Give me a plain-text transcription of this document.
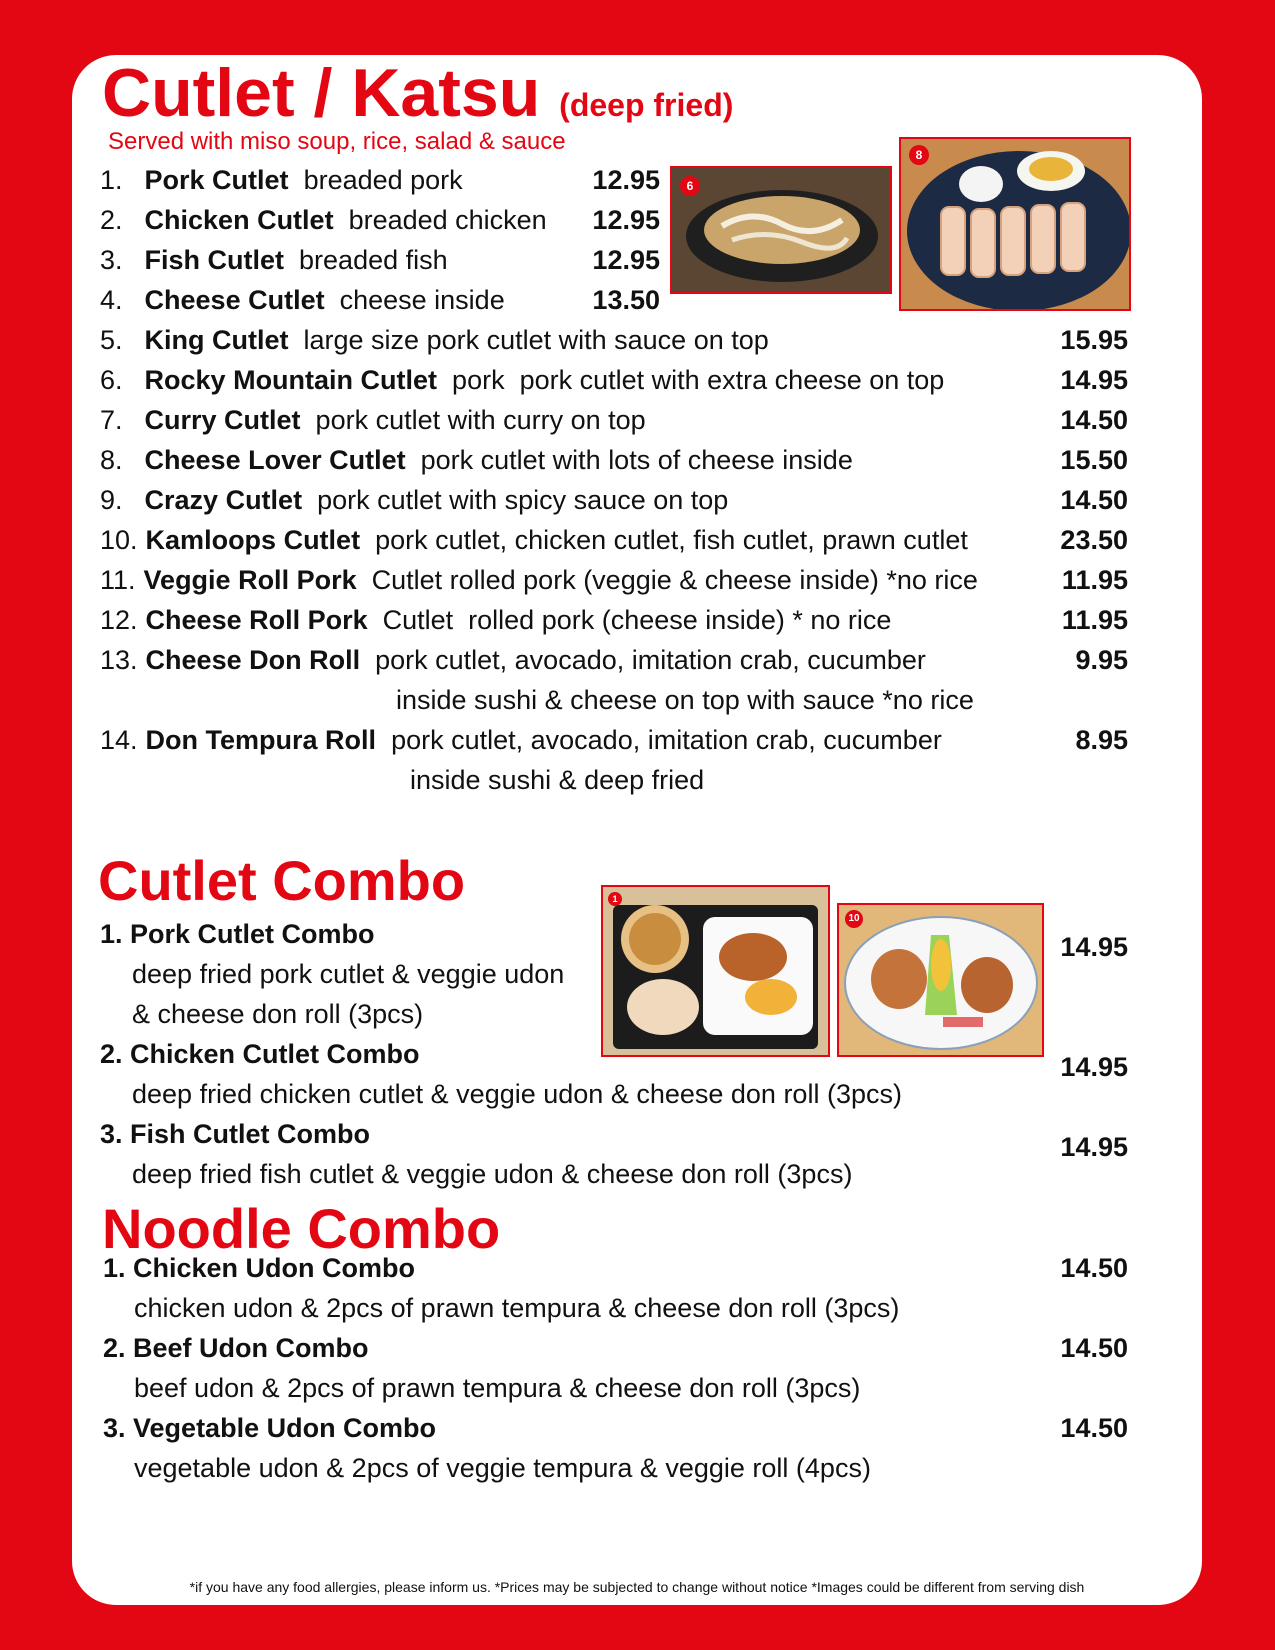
Cutlet / Katsu (deep fried)
Served with miso soup, rice, salad & sauce
1. Pork Cutlet  breaded pork	12.95
2. Chicken Cutlet  breaded chicken 12.95
3. Fish Cutlet  breaded fish	12.95
4. Cheese Cutlet  cheese inside	13.50
5. King Cutlet  large size pork cutlet with sauce on top	15.95
6. Rocky Mountain Cutlet  pork  pork cutlet with extra cheese on top	14.95
7. Curry Cutlet  pork cutlet with curry on top	14.50
8. Cheese Lover Cutlet  pork cutlet with lots of cheese inside	15.50
9. Crazy Cutlet  pork cutlet with spicy sauce on top	14.50
10. Kamloops Cutlet  pork cutlet, chicken cutlet, fish cutlet, prawn cutlet	23.50
11. Veggie Roll Pork  Cutlet rolled pork (veggie & cheese inside) *no rice	11.95
12. Cheese Roll Pork  Cutlet  rolled pork (cheese inside) * no rice	11.95
13. Cheese Don Roll  pork cutlet, avocado, imitation crab, cucumber
inside sushi & cheese on top with sauce *no rice
9.95
14. Don Tempura Roll  pork cutlet, avocado, imitation crab, cucumber
inside sushi & deep fried
8.95
6
8
Cutlet Combo
1. Pork Cutlet Combo
deep fried pork cutlet & veggie udon
& cheese don roll (3pcs)
14.95
2. Chicken Cutlet Combo
deep fried chicken cutlet & veggie udon & cheese don roll (3pcs)
14.95
3. Fish Cutlet Combo
deep fried fish cutlet & veggie udon & cheese don roll (3pcs)
14.95
1
10
Noodle Combo
1. Chicken Udon Combo
chicken udon & 2pcs of prawn tempura & cheese don roll (3pcs)
14.50
2. Beef Udon Combo
beef udon & 2pcs of prawn tempura & cheese don roll (3pcs)
14.50
3. Vegetable Udon Combo
vegetable udon & 2pcs of veggie tempura & veggie roll (4pcs)
14.50
*if you have any food allergies, please inform us. *Prices may be subjected to change without notice *Images could be different from serving dish
